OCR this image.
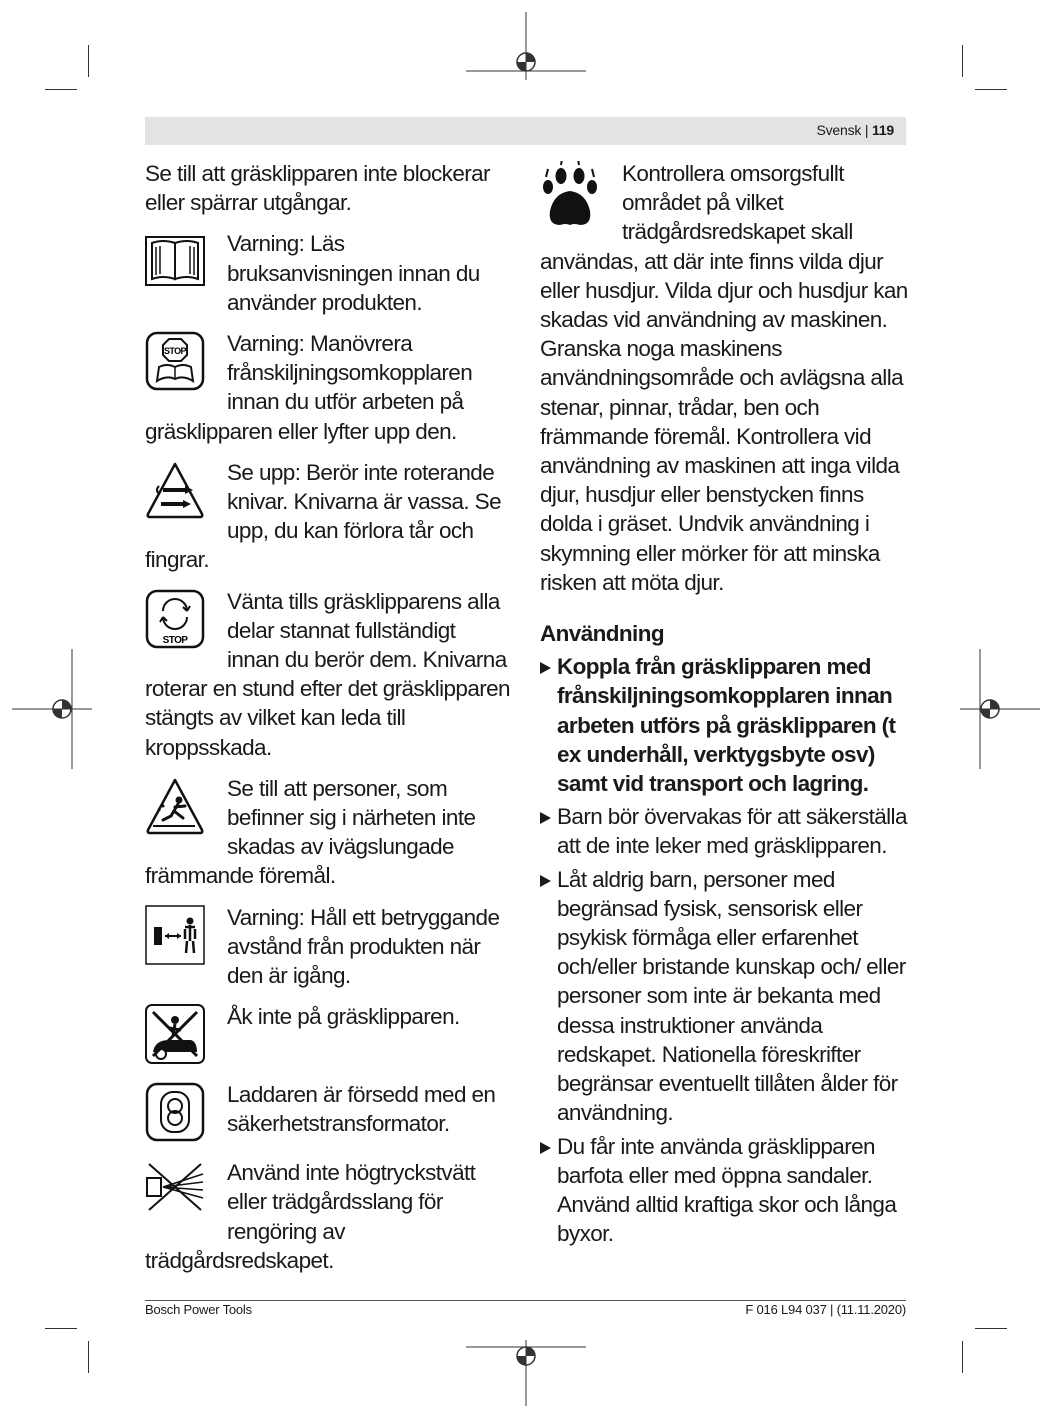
Svensk | 119

Se till att gräsklipparen inte blockerar eller spärrar utgångar.

Varning: Läs bruksanvisningen innan du använder produkten.

STOP	Varning: Manövrera frånskiljningsomkopplaren innan du utför arbeten på gräsklipparen eller lyfter upp den.

Se upp: Berör inte roterande knivar. Knivarna är vassa. Se upp, du kan förlora tår och fingrar.

STOP

Vänta tills gräsklipparens alla delar stannat fullständigt innan du berör dem. Knivarna roterar en stund efter det gräsklipparen stängts av vilket kan leda till kroppsskada.

Se till att personer, som befinner sig i närheten inte skadas av ivägslungade främmande föremål.

Varning: Håll ett betryggande avstånd från produkten när den är igång.

Åk inte på gräsklipparen.

Laddaren är försedd med en säkerhetstransformator.

Använd inte högtryckstvätt eller trädgårdsslang för rengöring av trädgårdsredskapet.

Kontrollera omsorgsfullt området på vilket trädgårdsredskapet skall användas, att där inte finns vilda djur eller husdjur. Vilda djur och husdjur kan skadas vid användning av maskinen. Granska noga maskinens användningsområde och avlägsna alla stenar, pinnar, trådar, ben och främmande föremål. Kontrollera vid användning av maskinen att inga vilda djur, husdjur eller benstycken finns dolda i gräset. Undvik användning i skymning eller mörker för att minska risken att möta djur.

Användning
Koppla från gräsklipparen med frånskiljningsomkopplaren innan arbeten utförs på gräsklipparen (t ex underhåll, verktygsbyte osv) samt vid transport och lagring.
Barn bör övervakas för att säkerställa att de inte leker med gräsklipparen.
Låt aldrig barn, personer med begränsad fysisk, sensorisk eller psykisk förmåga eller erfarenhet och/eller bristande kunskap och/ eller personer som inte är bekanta med dessa instruktioner använda redskapet. Nationella föreskrifter begränsar eventuellt tillåten ålder för användning.
Du får inte använda gräsklipparen barfota eller med öppna sandaler. Använd alltid kraftiga skor och långa byxor.
Bosch Power Tools	F 016 L94 037 | (11.11.2020)
